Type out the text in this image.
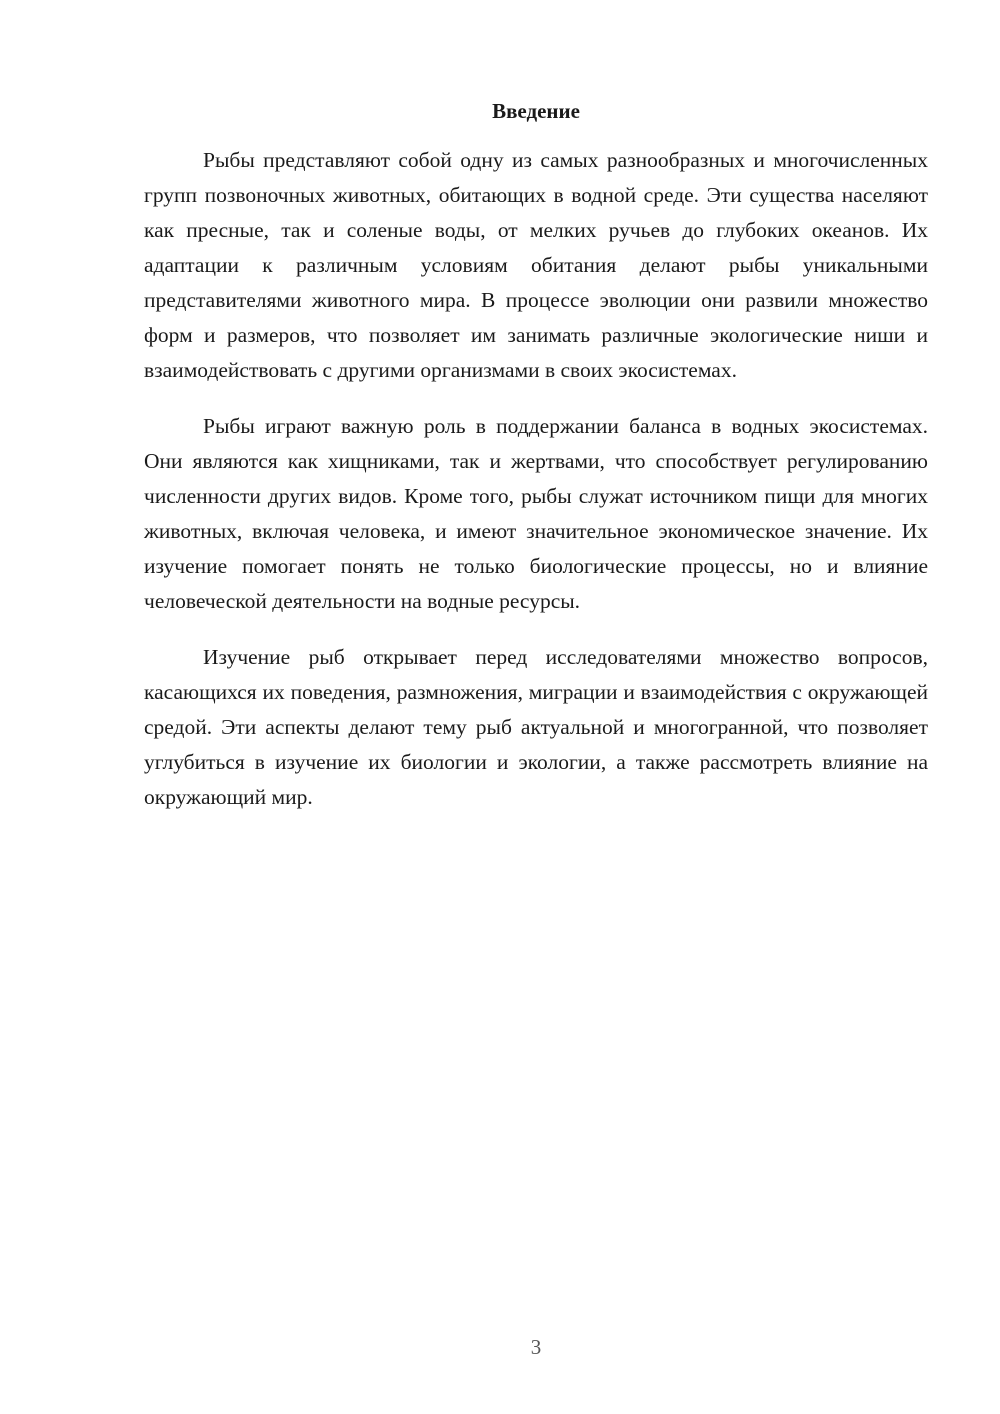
Введение

Рыбы представляют собой одну из самых разнообразных и многочисленных групп позвоночных животных, обитающих в водной среде. Эти существа населяют как пресные, так и соленые воды, от мелких ручьев до глубоких океанов. Их адаптации к различным условиям обитания делают рыбы уникальными представителями животного мира. В процессе эволюции они развили множество форм и размеров, что позволяет им занимать различные экологические ниши и взаимодействовать с другими организмами в своих экосистемах.

Рыбы играют важную роль в поддержании баланса в водных экосистемах. Они являются как хищниками, так и жертвами, что способствует регулированию численности других видов. Кроме того, рыбы служат источником пищи для многих животных, включая человека, и имеют значительное экономическое значение. Их изучение помогает понять не только биологические процессы, но и влияние человеческой деятельности на водные ресурсы.

Изучение рыб открывает перед исследователями множество вопросов, касающихся их поведения, размножения, миграции и взаимодействия с окружающей средой. Эти аспекты делают тему рыб актуальной и многогранной, что позволяет углубиться в изучение их биологии и экологии, а также рассмотреть влияние на окружающий мир.

3
